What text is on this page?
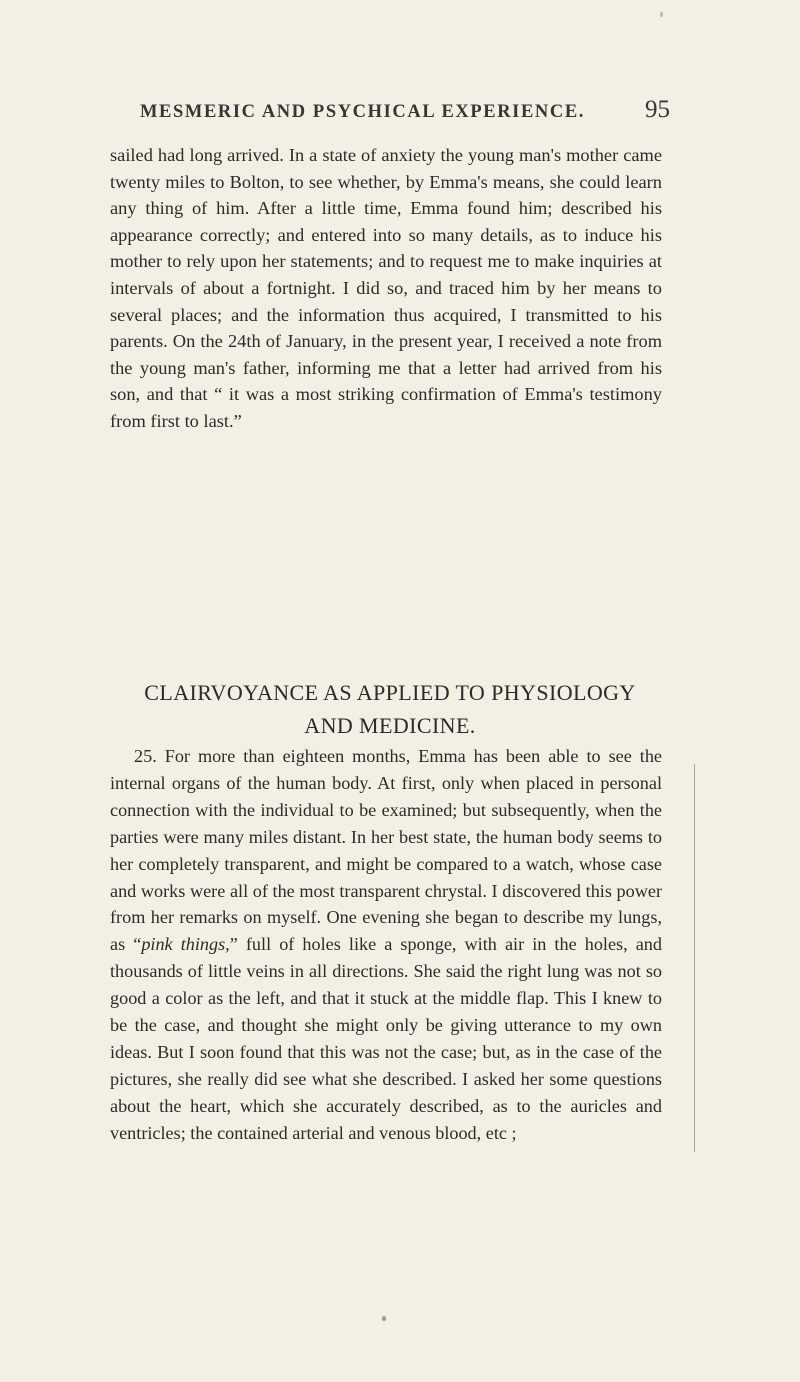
MESMERIC AND PSYCHICAL EXPERIENCE. 95

sailed had long arrived. In a state of anxiety the young man's mother came twenty miles to Bolton, to see whether, by Emma's means, she could learn any thing of him. After a little time, Emma found him; described his appearance correctly; and entered into so many details, as to induce his mother to rely upon her statements; and to request me to make inquiries at intervals of about a fortnight. I did so, and traced him by her means to several places; and the information thus acquired, I transmitted to his parents. On the 24th of January, in the present year, I received a note from the young man's father, informing me that a letter had arrived from his son, and that “ it was a most striking confirmation of Emma's testimony from first to last.”

CLAIRVOYANCE AS APPLIED TO PHYSIOLOGY
AND MEDICINE.

25. For more than eighteen months, Emma has been able to see the internal organs of the human body. At first, only when placed in personal connection with the individual to be examined; but subsequently, when the parties were many miles distant. In her best state, the human body seems to her completely transparent, and might be compared to a watch, whose case and works were all of the most transparent chrystal. I discovered this power from her remarks on myself. One evening she began to describe my lungs, as “pink things,” full of holes like a sponge, with air in the holes, and thousands of little veins in all directions. She said the right lung was not so good a color as the left, and that it stuck at the middle flap. This I knew to be the case, and thought she might only be giving utterance to my own ideas. But I soon found that this was not the case; but, as in the case of the pictures, she really did see what she described. I asked her some questions about the heart, which she accurately described, as to the auricles and ventricles; the contained arterial and venous blood, etc ;
